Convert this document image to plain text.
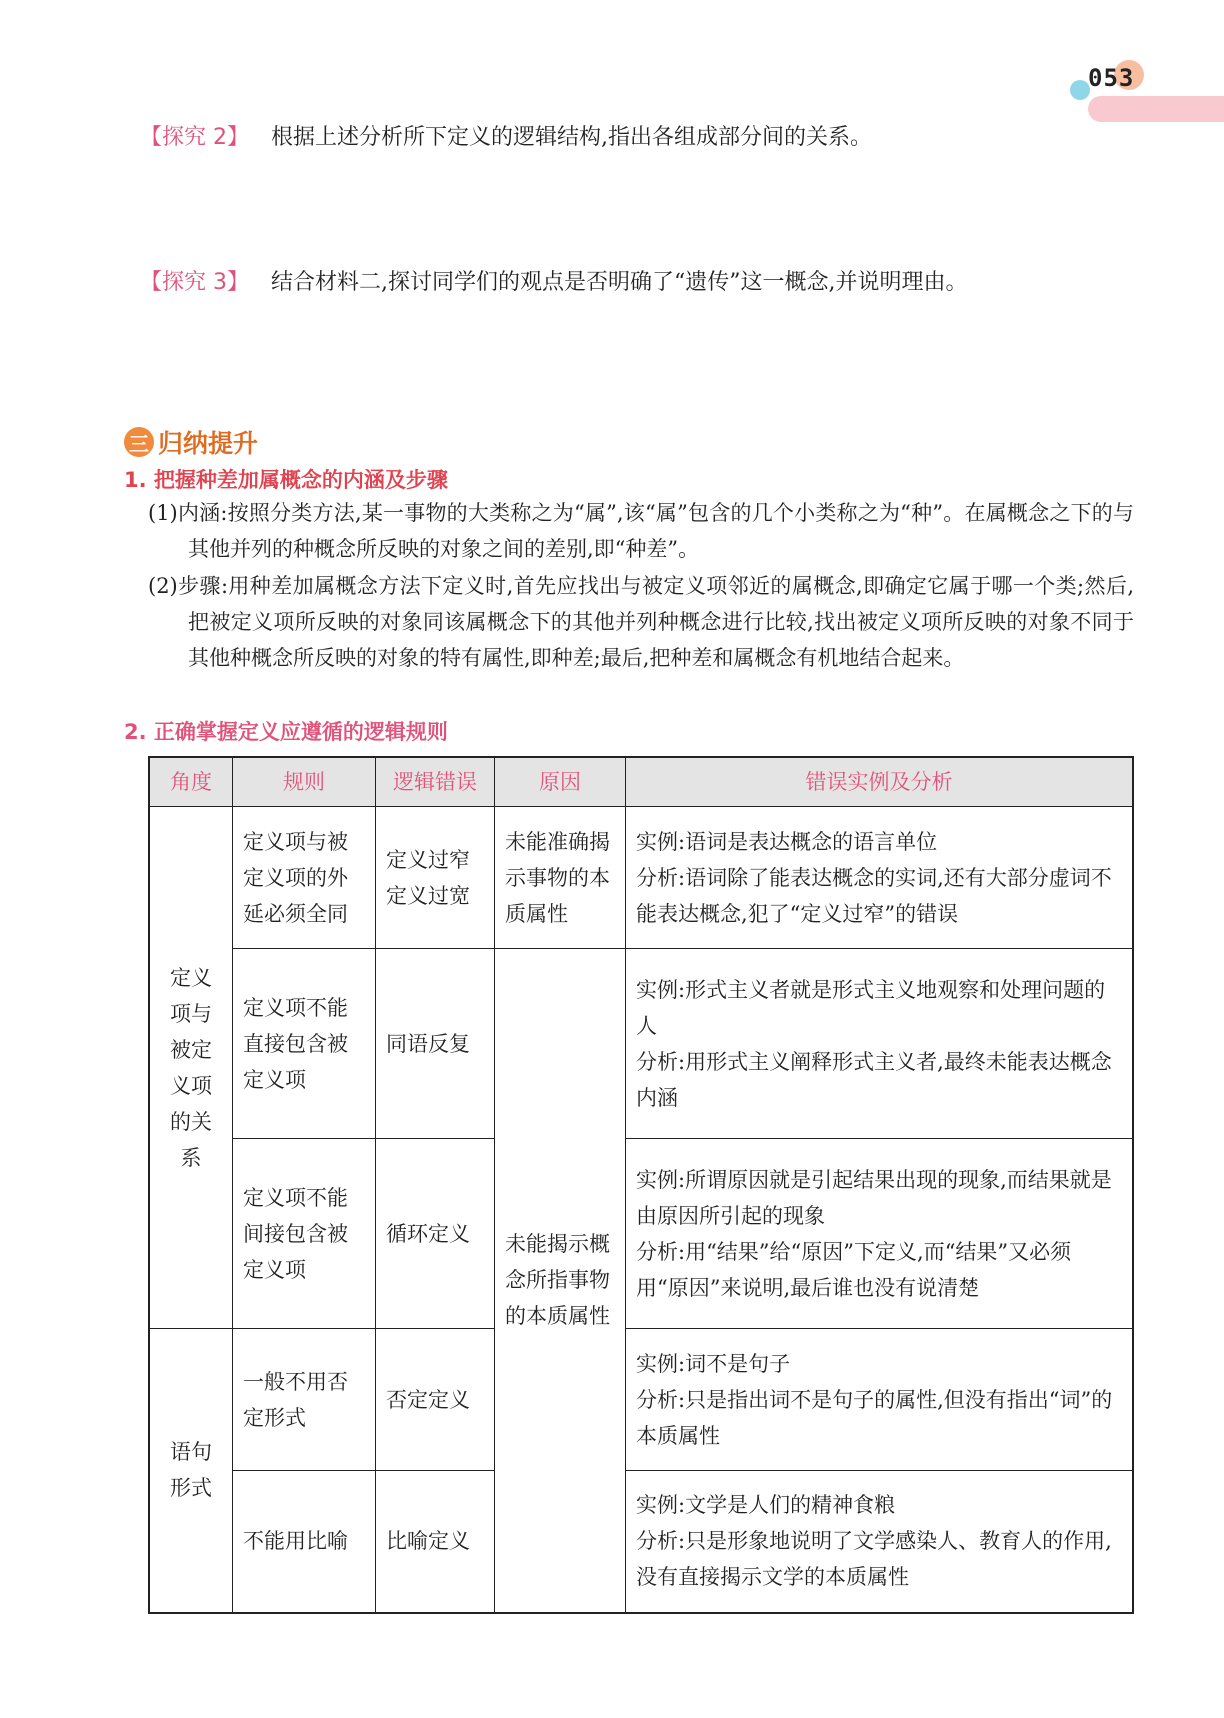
053
【探究 2】 根据上述分析所下定义的逻辑结构,指出各组成部分间的关系。
【探究 3】 结合材料二,探讨同学们的观点是否明确了“遗传”这一概念,并说明理由。
三 归纳提升
1. 把握种差加属概念的内涵及步骤
(1)内涵:按照分类方法,某一事物的大类称之为“属”,该“属”包含的几个小类称之为“种”。在属概念之下的与其他并列的种概念所反映的对象之间的差别,即“种差”。
(2)步骤:用种差加属概念方法下定义时,首先应找出与被定义项邻近的属概念,即确定它属于哪一个类;然后,把被定义项所反映的对象同该属概念下的其他并列种概念进行比较,找出被定义项所反映的对象不同于其他种概念所反映的对象的特有属性,即种差;最后,把种差和属概念有机地结合起来。
2. 正确掌握定义应遵循的逻辑规则
角度	规则	逻辑错误	原因	错误实例及分析
定义项与被定义项的关系	定义项与被定义项的外延必须全同	定义过窄定义过宽	未能准确揭示事物的本质属性	实例:语词是表达概念的语言单位
分析:语词除了能表达概念的实词,还有大部分虚词不能表达概念,犯了“定义过窄”的错误

	定义项不能直接包含被定义项	同语反复	未能揭示概念所指事物的本质属性	实例:形式主义者就是形式主义地观察和处理问题的人
分析:用形式主义阐释形式主义者,最终未能表达概念内涵

	定义项不能间接包含被定义项	循环定义		实例:所谓原因就是引起结果出现的现象,而结果就是由原因所引起的现象
分析:用“结果”给“原因”下定义,而“结果”又必须用“原因”来说明,最后谁也没有说清楚

语句形式	一般不用否定形式	否定定义		实例:词不是句子
分析:只是指出词不是句子的属性,但没有指出“词”的本质属性

	不能用比喻	比喻定义		实例:文学是人们的精神食粮
分析:只是形象地说明了文学感染人、教育人的作用,没有直接揭示文学的本质属性
